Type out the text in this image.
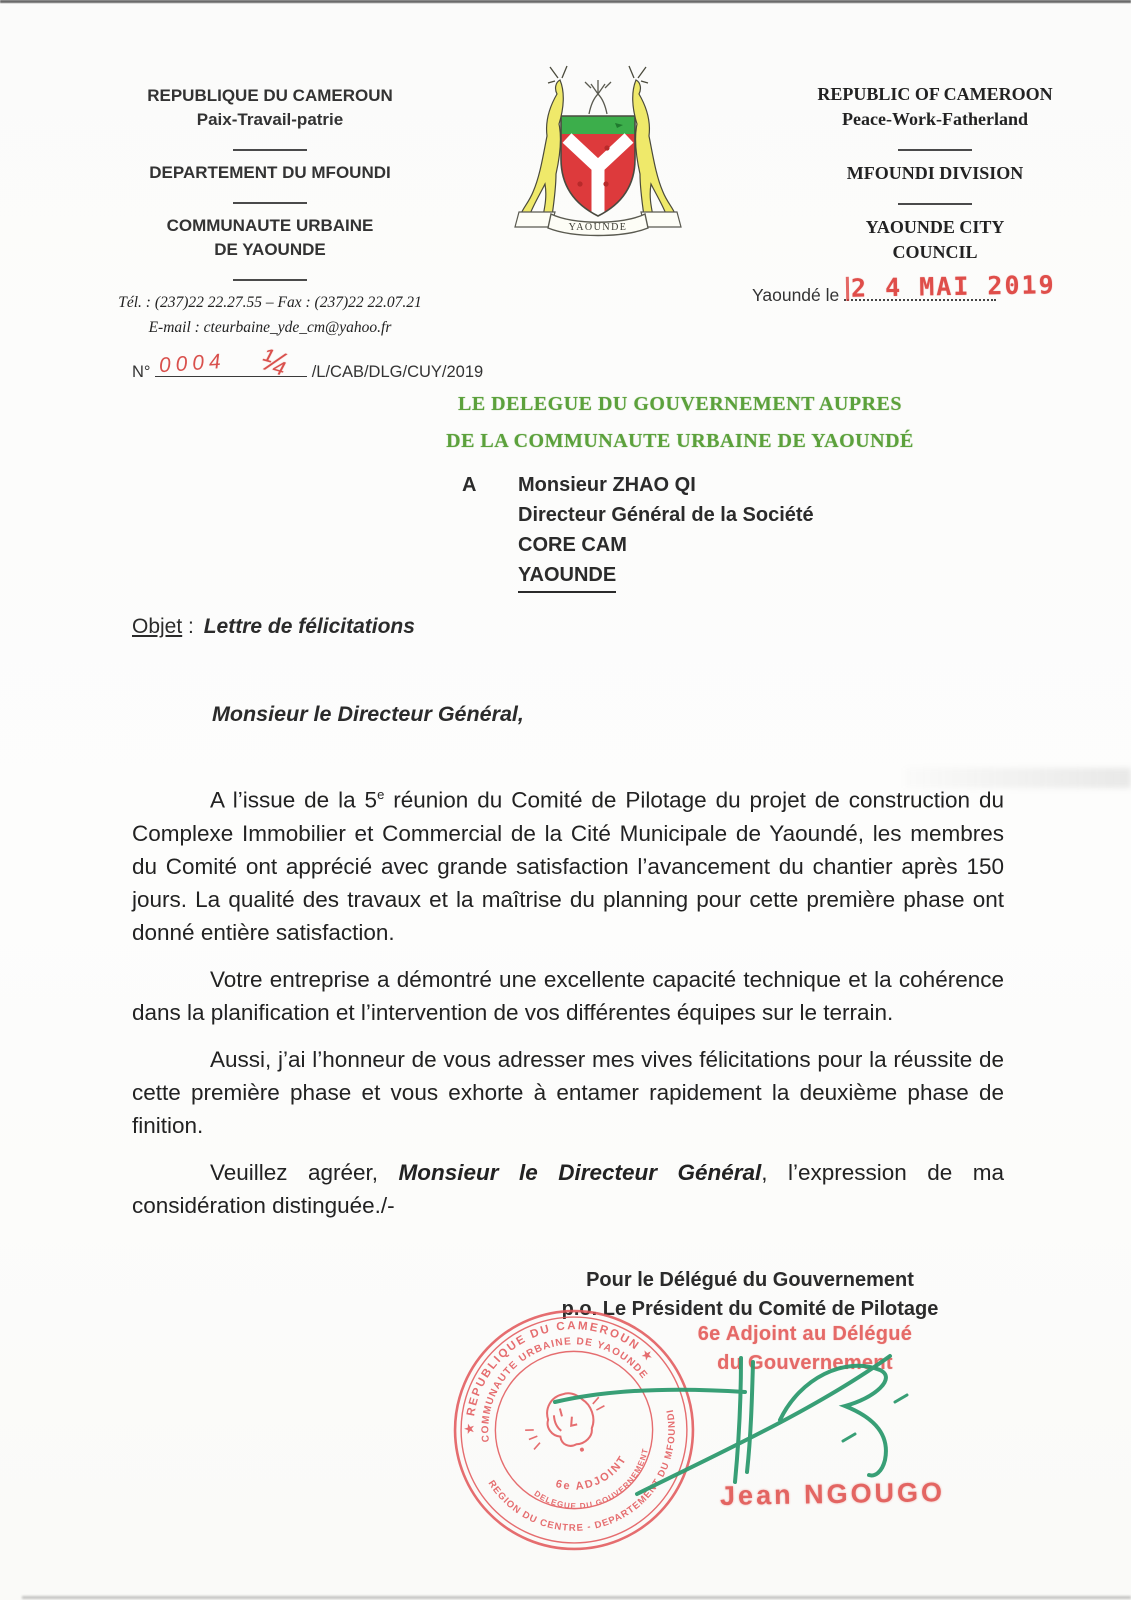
REPUBLIQUE DU CAMEROUN
Paix-Travail-patrie
DEPARTEMENT DU MFOUNDI
COMMUNAUTE URBAINE
DE YAOUNDE
Tél. : (237)22 22.27.55 – Fax : (237)22 22.07.21
E-mail : cteurbaine_yde_cm@yahoo.fr
YAOUNDE
REPUBLIC OF CAMEROON
Peace-Work-Fatherland
MFOUNDI DIVISION
YAOUNDE CITY
COUNCIL
Yaoundé le 2 4 MAI 2019
N° 0004 ¼ /L/CAB/DLG/CUY/2019
LE DELEGUE DU GOUVERNEMENT AUPRES
DE LA COMMUNAUTE URBAINE DE YAOUNDÉ
A	Monsieur ZHAO QI
Directeur Général de la Société
CORE CAM
YAOUNDE
Objet : Lettre de félicitations
Monsieur le Directeur Général,

A l’issue de la 5e réunion du Comité de Pilotage du projet de construction du Complexe Immobilier et Commercial de la Cité Municipale de Yaoundé, les membres du Comité ont apprécié avec grande satisfaction l’avancement du chantier après 150 jours. La qualité des travaux et la maîtrise du planning pour cette première phase ont donné entière satisfaction.

Votre entreprise a démontré une excellente capacité technique et la cohérence dans la planification et l’intervention de vos différentes équipes sur le terrain.

Aussi, j’ai l’honneur de vous adresser mes vives félicitations pour la réussite de cette première phase et vous exhorte à entamer rapidement la deuxième phase de finition.

Veuillez agréer, Monsieur le Directeur Général, l’expression de ma considération distinguée./-

Pour le Délégué du Gouvernement
p.o. Le Président du Comité de Pilotage
6e Adjoint au Délégué
du Gouvernement
★ REPUBLIQUE DU CAMEROUN ★
REGION DU CENTRE - DEPARTEMENT DU MFOUNDI
COMMUNAUTE URBAINE DE YAOUNDE
6e ADJOINT
DELEGUE DU GOUVERNEMENT
Jean NGOUGO
